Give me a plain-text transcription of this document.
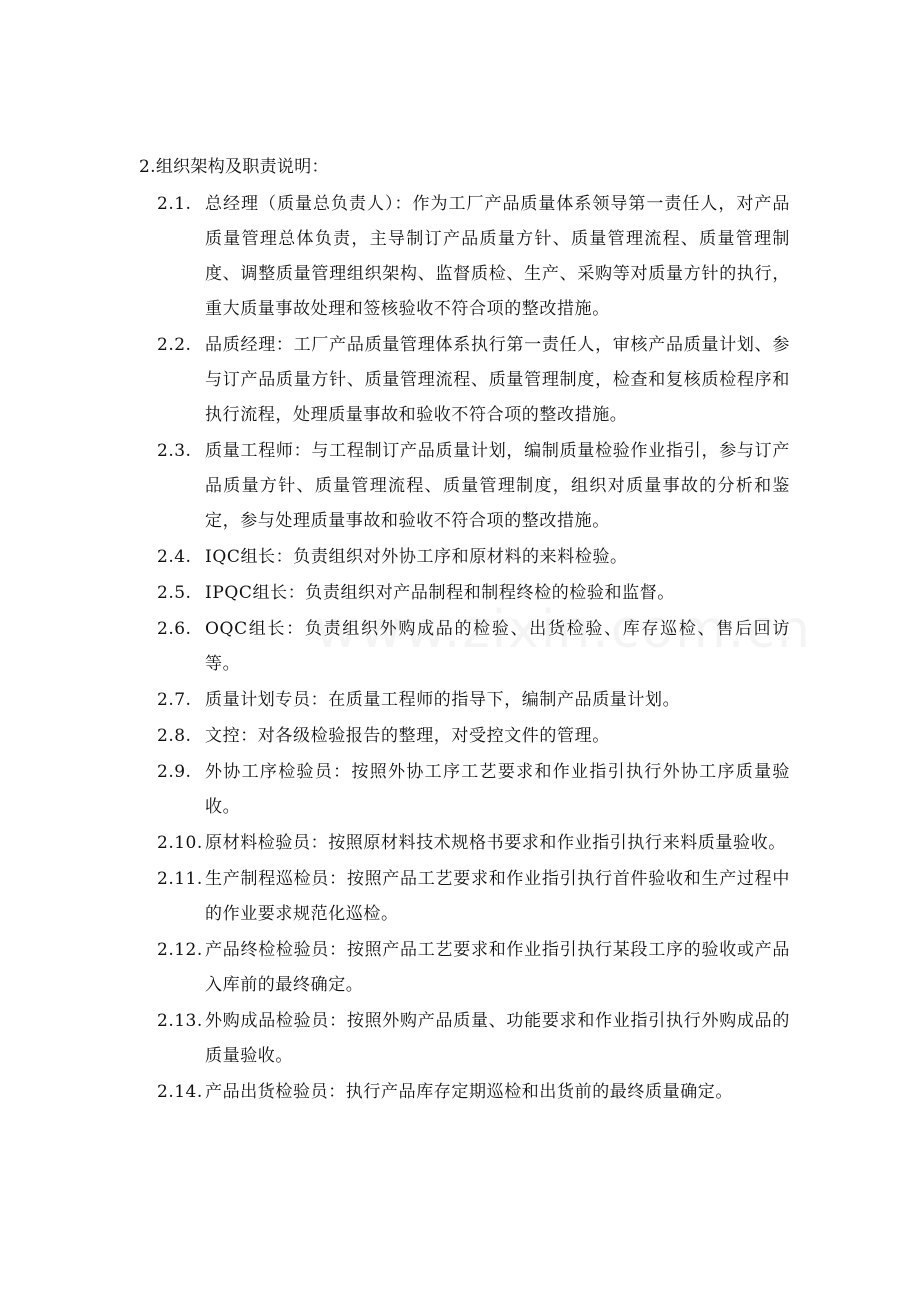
2.组织架构及职责说明：
2.1. 总经理（质量总负责人）：作为工厂产品质量体系领导第一责任人，对产品质量管理总体负责，主导制订产品质量方针、质量管理流程、质量管理制度、调整质量管理组织架构、监督质检、生产、采购等对质量方针的执行，重大质量事故处理和签核验收不符合项的整改措施。
2.2. 品质经理：工厂产品质量管理体系执行第一责任人，审核产品质量计划、参与订产品质量方针、质量管理流程、质量管理制度，检查和复核质检程序和执行流程，处理质量事故和验收不符合项的整改措施。
2.3. 质量工程师：与工程制订产品质量计划，编制质量检验作业指引，参与订产品质量方针、质量管理流程、质量管理制度，组织对质量事故的分析和鉴定，参与处理质量事故和验收不符合项的整改措施。
2.4. IQC组长：负责组织对外协工序和原材料的来料检验。
2.5. IPQC组长：负责组织对产品制程和制程终检的检验和监督。
2.6. OQC组长：负责组织外购成品的检验、出货检验、库存巡检、售后回访等。
2.7. 质量计划专员：在质量工程师的指导下，编制产品质量计划。
2.8. 文控：对各级检验报告的整理，对受控文件的管理。
2.9. 外协工序检验员：按照外协工序工艺要求和作业指引执行外协工序质量验收。
2.10. 原材料检验员：按照原材料技术规格书要求和作业指引执行来料质量验收。
2.11. 生产制程巡检员：按照产品工艺要求和作业指引执行首件验收和生产过程中的作业要求规范化巡检。
2.12. 产品终检检验员：按照产品工艺要求和作业指引执行某段工序的验收或产品入库前的最终确定。
2.13. 外购成品检验员：按照外购产品质量、功能要求和作业指引执行外购成品的质量验收。
2.14. 产品出货检验员：执行产品库存定期巡检和出货前的最终质量确定。
